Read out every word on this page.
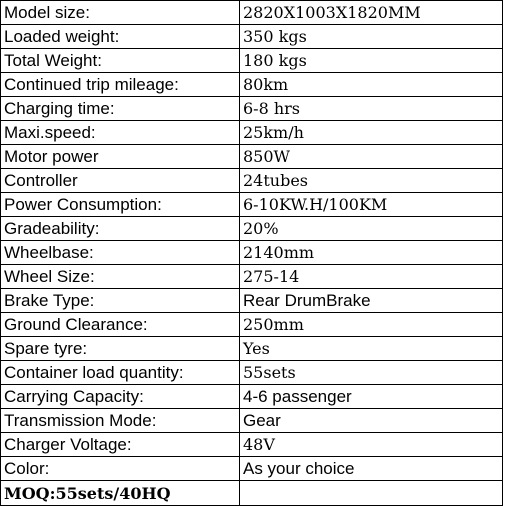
Model size:	2820X1003X1820MM
Loaded weight:	350 kgs
Total Weight:	180 kgs
Continued trip mileage:	80km
Charging time:	6-8 hrs
Maxi.speed:	25km/h
Motor power	850W
Controller	24tubes
Power Consumption:	6-10KW.H/100KM
Gradeability:	20%
Wheelbase:	2140mm
Wheel Size:	275-14
Brake Type:	Rear DrumBrake
Ground Clearance:	250mm
Spare tyre:	Yes
Container load quantity:	55sets
Carrying Capacity:	4-6 passenger
Transmission Mode:	Gear
Charger Voltage:	48V
Color:	As your choice
MOQ:55sets/40HQ	
